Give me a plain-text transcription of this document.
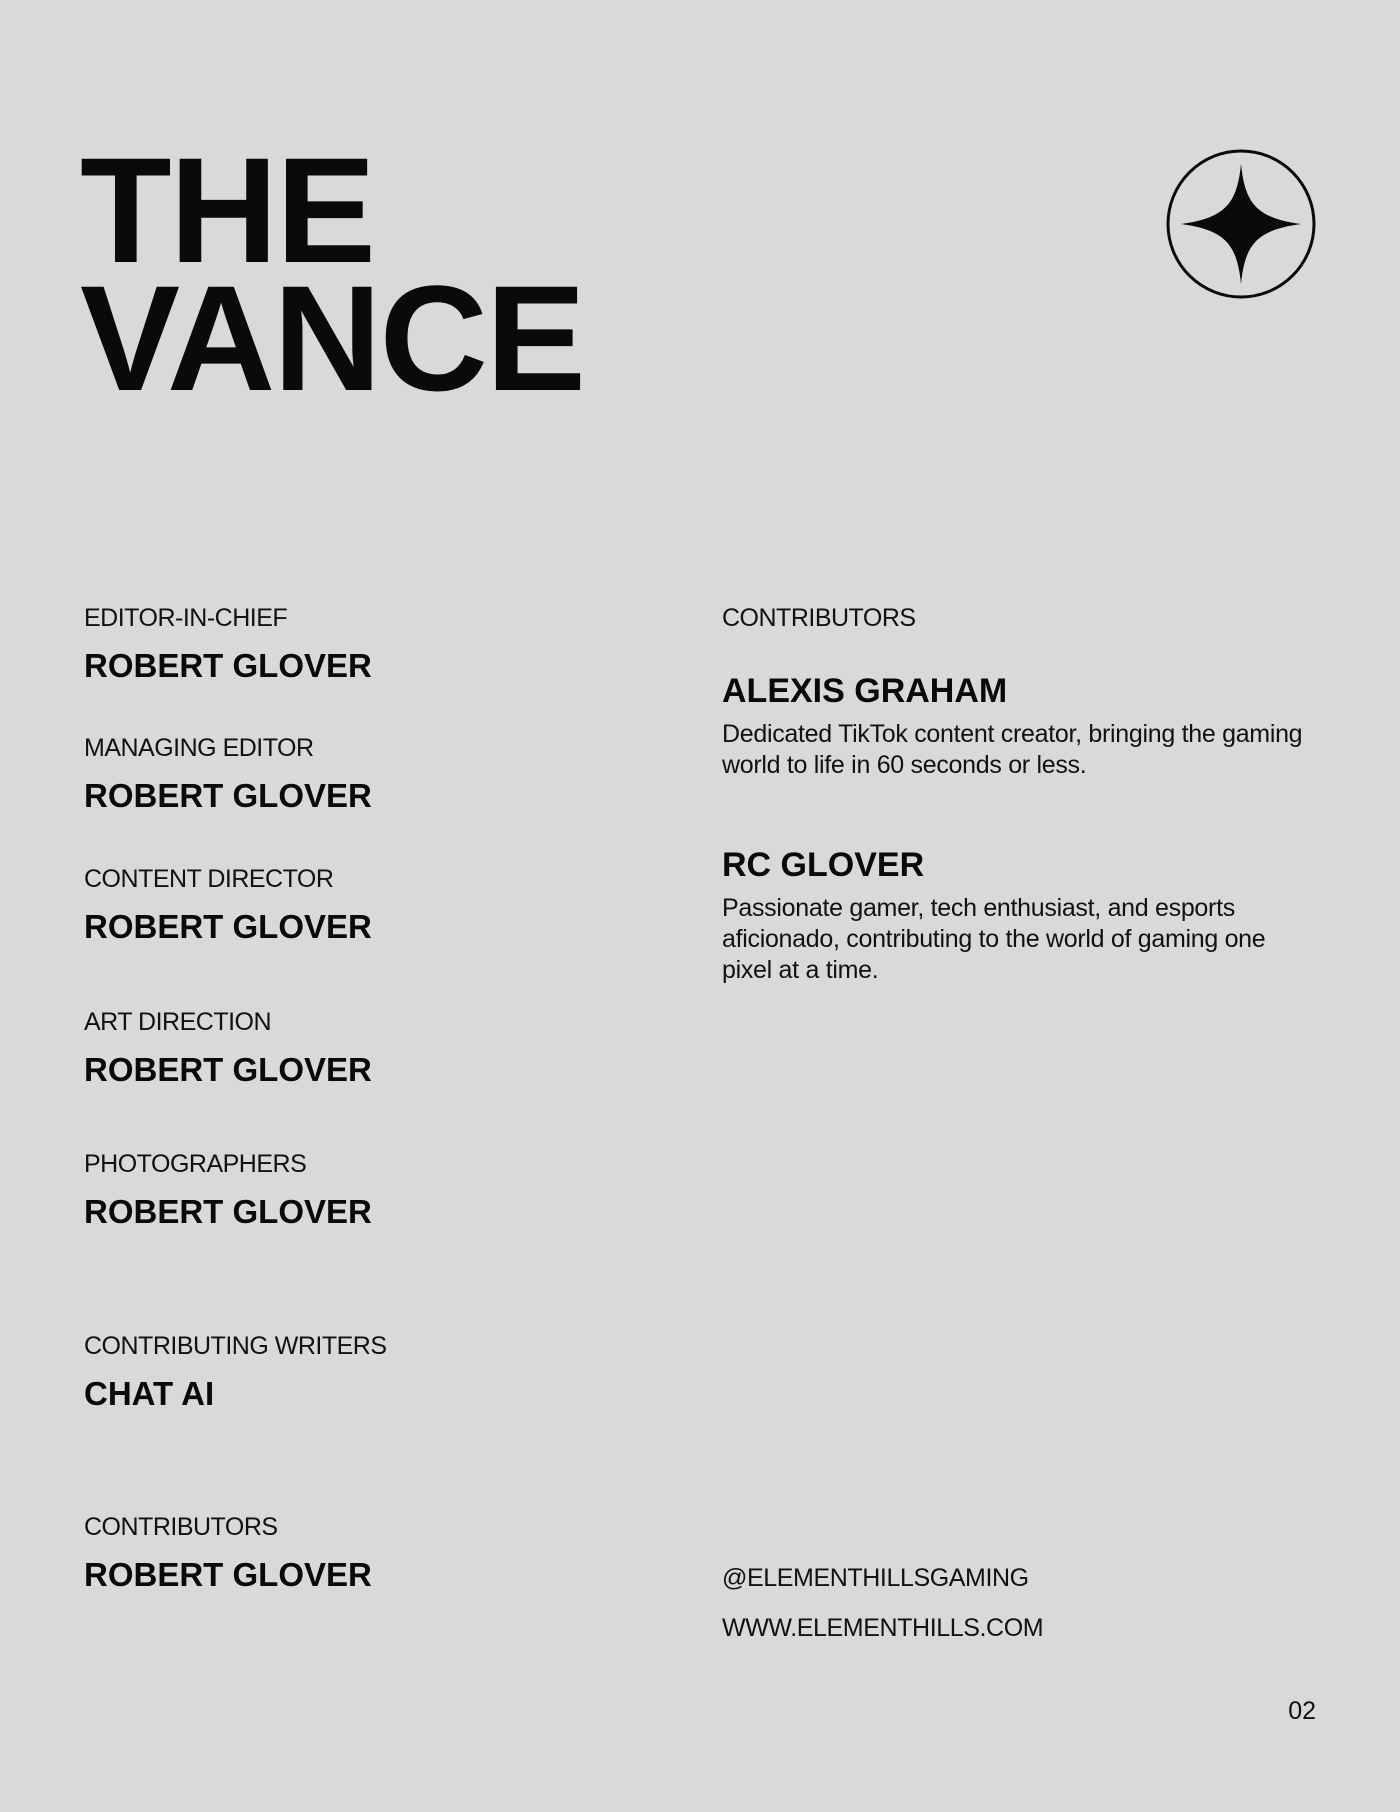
THE
VANCE
EDITOR-IN-CHIEF
ROBERT GLOVER
MANAGING EDITOR
ROBERT GLOVER
CONTENT DIRECTOR
ROBERT GLOVER
ART DIRECTION
ROBERT GLOVER
PHOTOGRAPHERS
ROBERT GLOVER
CONTRIBUTING WRITERS
CHAT AI
CONTRIBUTORS
ROBERT GLOVER
CONTRIBUTORS
ALEXIS GRAHAM
Dedicated TikTok content creator, bringing the gaming world to life in 60 seconds or less.
RC GLOVER
Passionate gamer, tech enthusiast, and esports aficionado, contributing to the world of gaming one pixel at a time.
@ELEMENTHILLSGAMING
WWW.ELEMENTHILLS.COM
02
